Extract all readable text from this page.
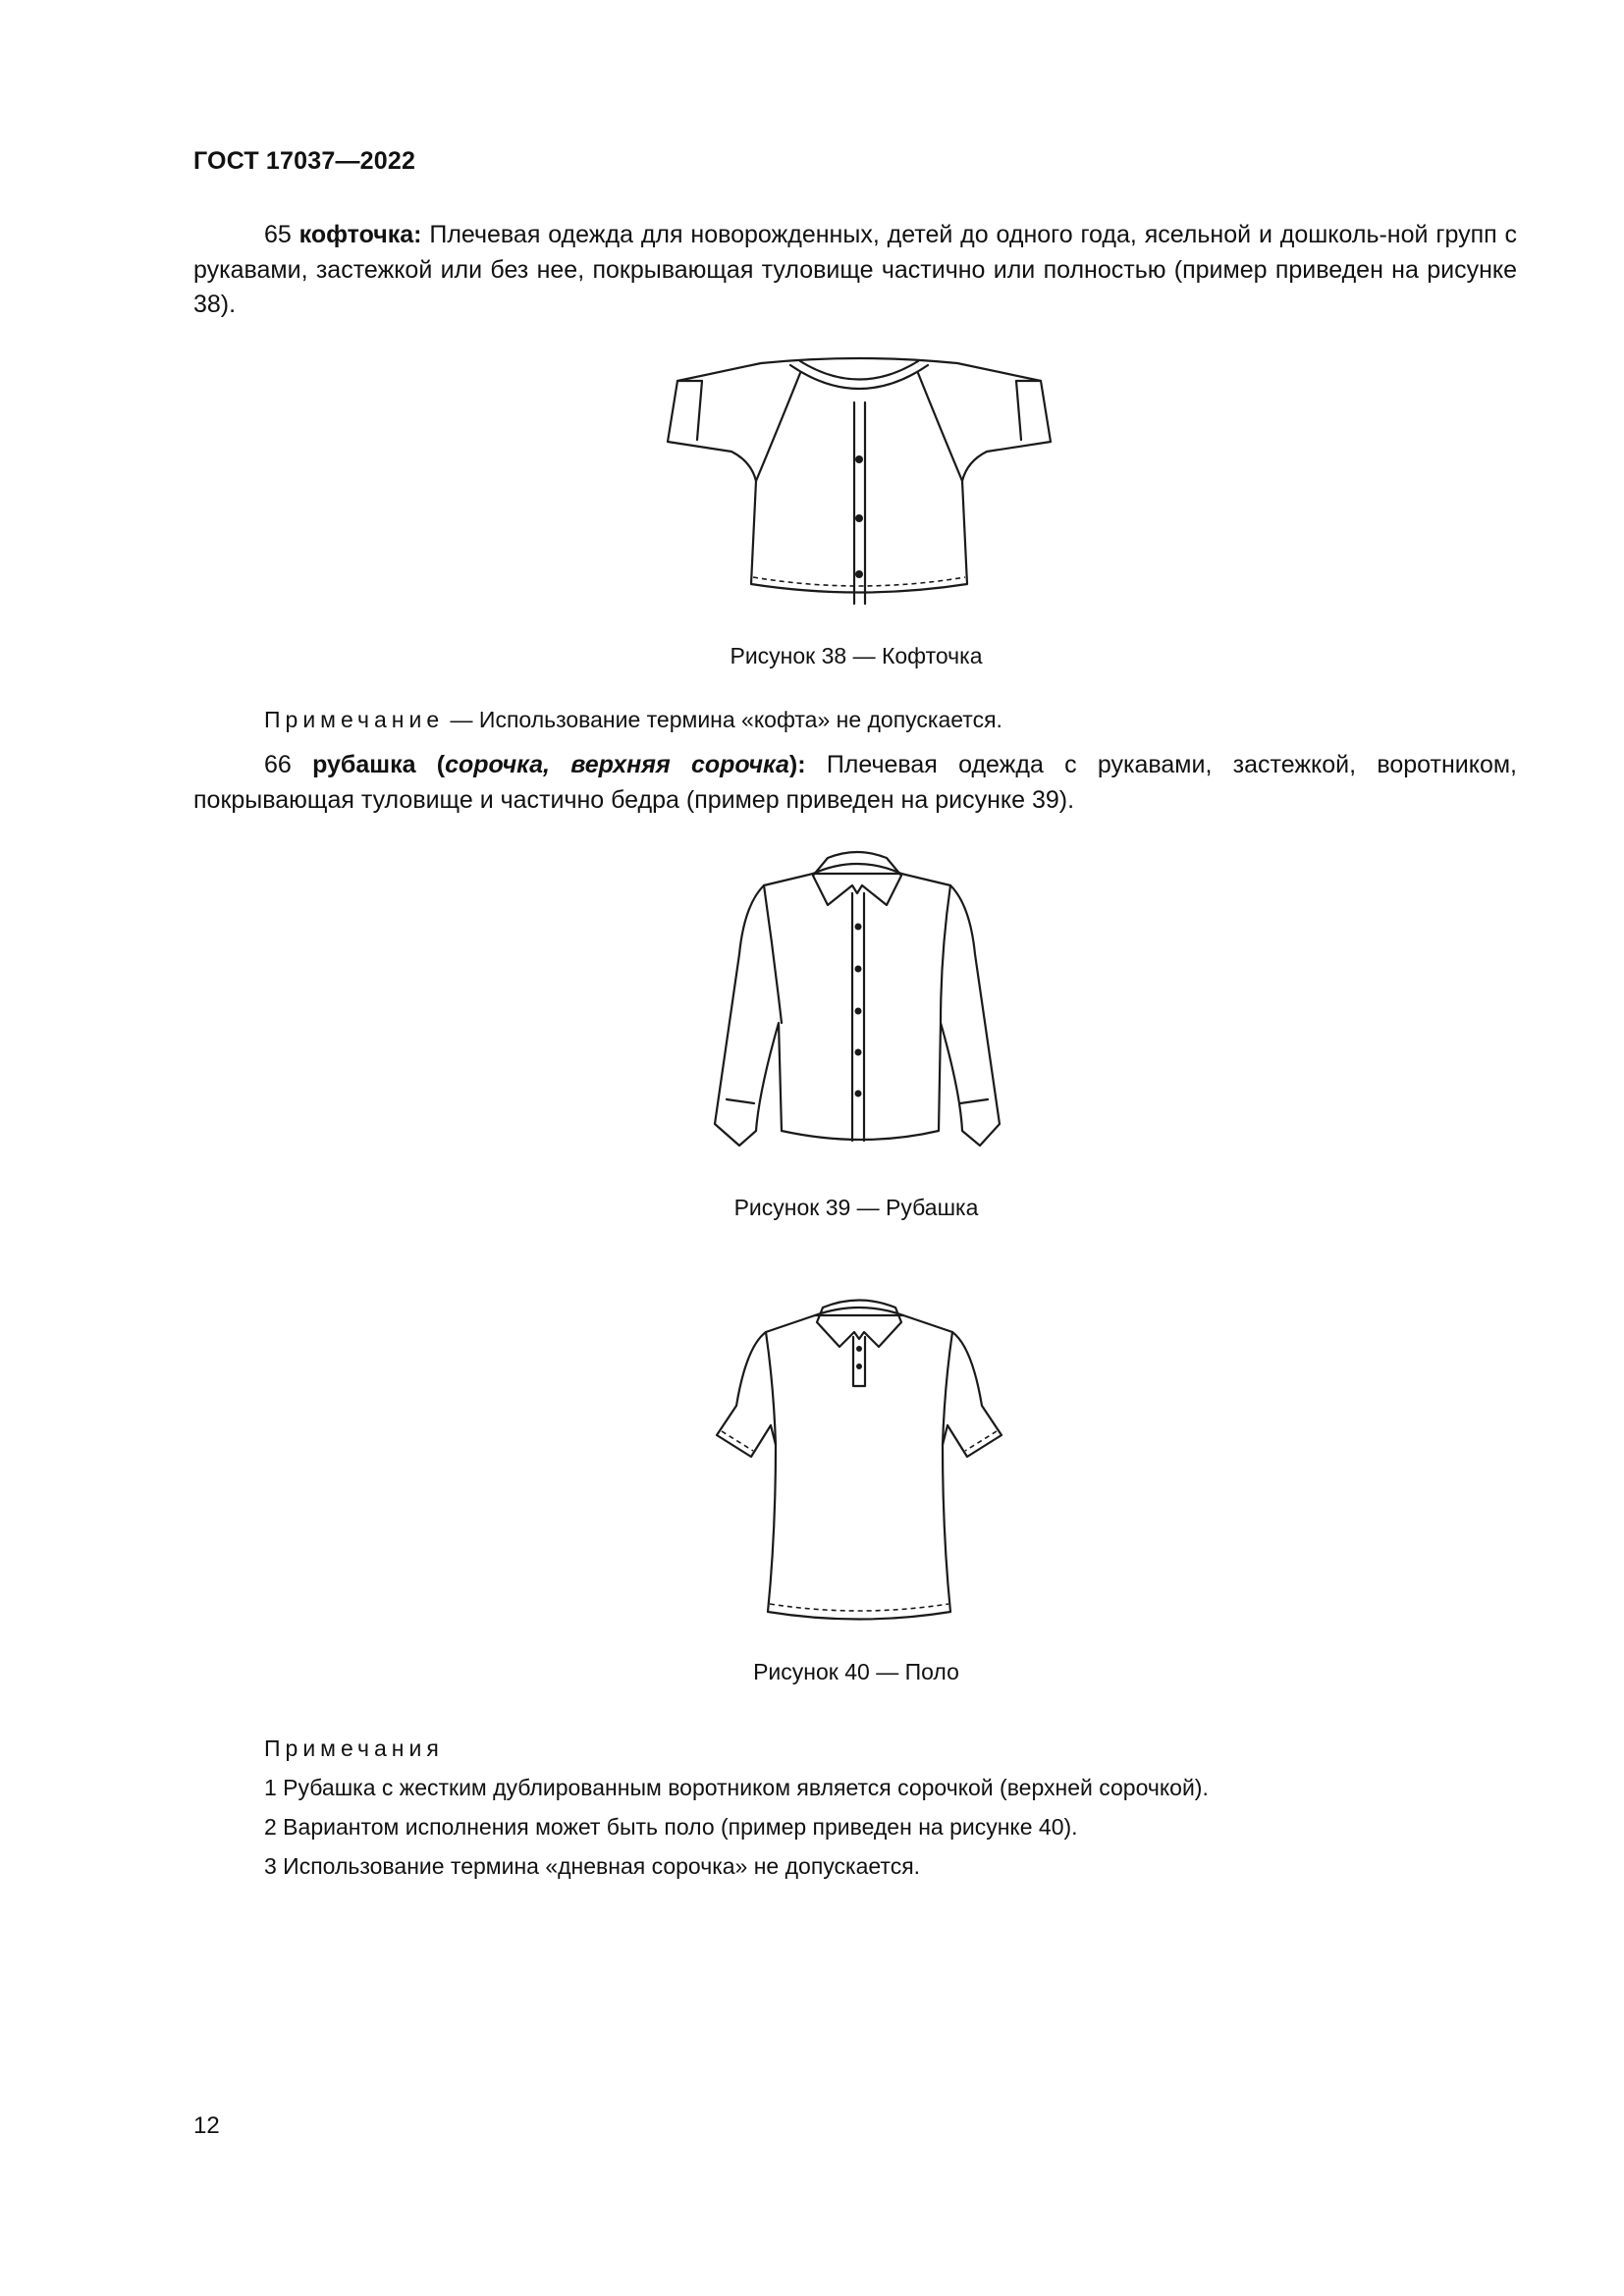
ГОСТ 17037—2022

65 кофточка: Плечевая одежда для новорожденных, детей до одного года, ясельной и дошколь-ной групп с рукавами, застежкой или без нее, покрывающая туловище частично или полностью (пример приведен на рисунке 38).

Рисунок 38 — Кофточка
Примечание — Использование термина «кофта» не допускается.

66 рубашка (сорочка, верхняя сорочка): Плечевая одежда с рукавами, застежкой, воротником, покрывающая туловище и частично бедра (пример приведен на рисунке 39).

Рисунок 39 — Рубашка
Рисунок 40 — Поло
Примечания
1 Рубашка с жестким дублированным воротником является сорочкой (верхней сорочкой).
2 Вариантом исполнения может быть поло (пример приведен на рисунке 40).
3 Использование термина «дневная сорочка» не допускается.
12
